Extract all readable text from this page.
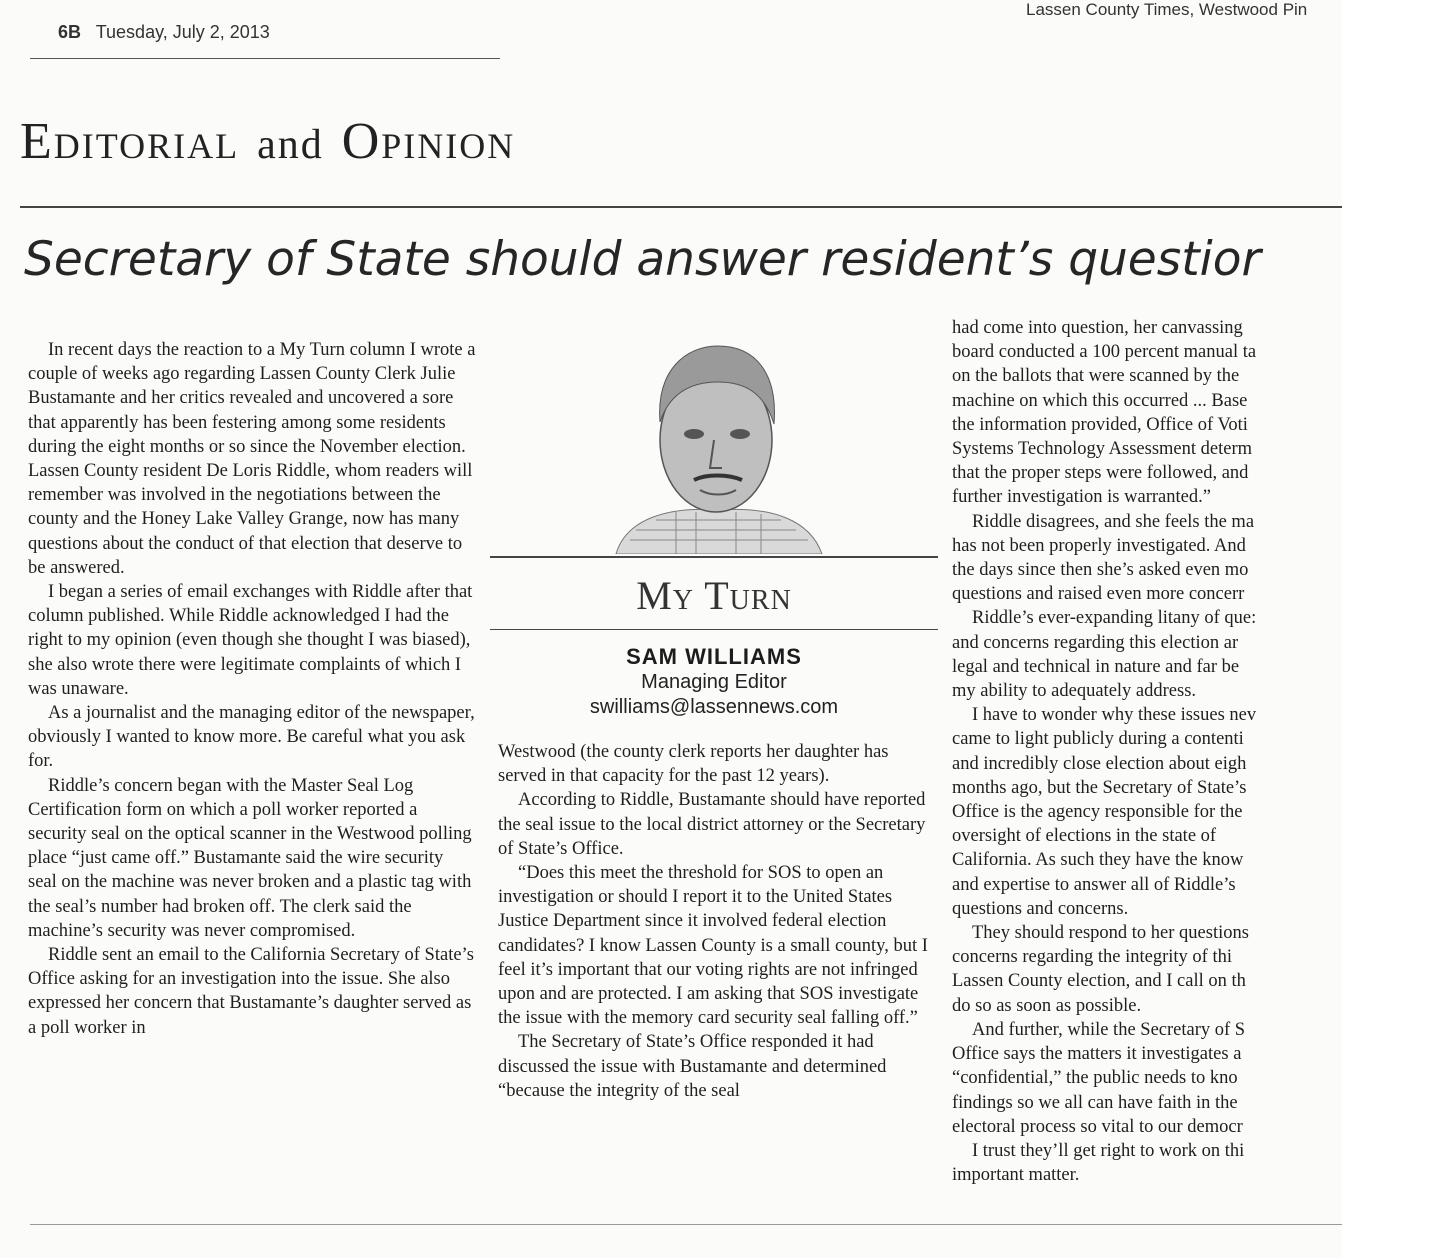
6B Tuesday, July 2, 2013
Lassen County Times, Westwood Pin
Editorial and Opinion
Secretary of State should answer resident’s questior

In recent days the reaction to a My Turn column I wrote a couple of weeks ago regarding Lassen County Clerk Julie Bustamante and her critics revealed and uncovered a sore that apparently has been festering among some residents during the eight months or so since the November election. Lassen County resident De Loris Riddle, whom readers will remember was involved in the negotiations between the county and the Honey Lake Valley Grange, now has many questions about the conduct of that election that deserve to be answered.

I began a series of email exchanges with Riddle after that column published. While Riddle acknowledged I had the right to my opinion (even though she thought I was biased), she also wrote there were legitimate complaints of which I was unaware.

As a journalist and the managing editor of the newspaper, obviously I wanted to know more. Be careful what you ask for.

Riddle’s concern began with the Master Seal Log Certification form on which a poll worker reported a security seal on the optical scanner in the Westwood polling place “just came off.” Bustamante said the wire security seal on the machine was never broken and a plastic tag with the seal’s number had broken off. The clerk said the machine’s security was never compromised.

Riddle sent an email to the California Secretary of State’s Office asking for an investigation into the issue. She also expressed her concern that Bustamante’s daughter served as a poll worker in

My Turn
SAM WILLIAMS
Managing Editor
swilliams@lassennews.com

Westwood (the county clerk reports her daughter has served in that capacity for the past 12 years).

According to Riddle, Bustamante should have reported the seal issue to the local district attorney or the Secretary of State’s Office.

“Does this meet the threshold for SOS to open an investigation or should I report it to the United States Justice Department since it involved federal election candidates? I know Lassen County is a small county, but I feel it’s important that our voting rights are not infringed upon and are protected. I am asking that SOS investigate the issue with the memory card security seal falling off.”

The Secretary of State’s Office responded it had discussed the issue with Bustamante and determined “because the integrity of the seal

had come into question, her canvassing

board conducted a 100 percent manual ta

on the ballots that were scanned by the

machine on which this occurred ... Base

the information provided, Office of Voti

Systems Technology Assessment determ

that the proper steps were followed, and

further investigation is warranted.”

Riddle disagrees, and she feels the ma

has not been properly investigated. And

the days since then she’s asked even mo

questions and raised even more concerr

Riddle’s ever-expanding litany of que:

and concerns regarding this election ar

legal and technical in nature and far be

my ability to adequately address.

I have to wonder why these issues nev

came to light publicly during a contenti

and incredibly close election about eigh

months ago, but the Secretary of State’s

Office is the agency responsible for the

oversight of elections in the state of

California. As such they have the know

and expertise to answer all of Riddle’s

questions and concerns.

They should respond to her questions

concerns regarding the integrity of thi

Lassen County election, and I call on th

do so as soon as possible.

And further, while the Secretary of S

Office says the matters it investigates a

“confidential,” the public needs to kno

findings so we all can have faith in the

electoral process so vital to our democr

I trust they’ll get right to work on thi

important matter.
